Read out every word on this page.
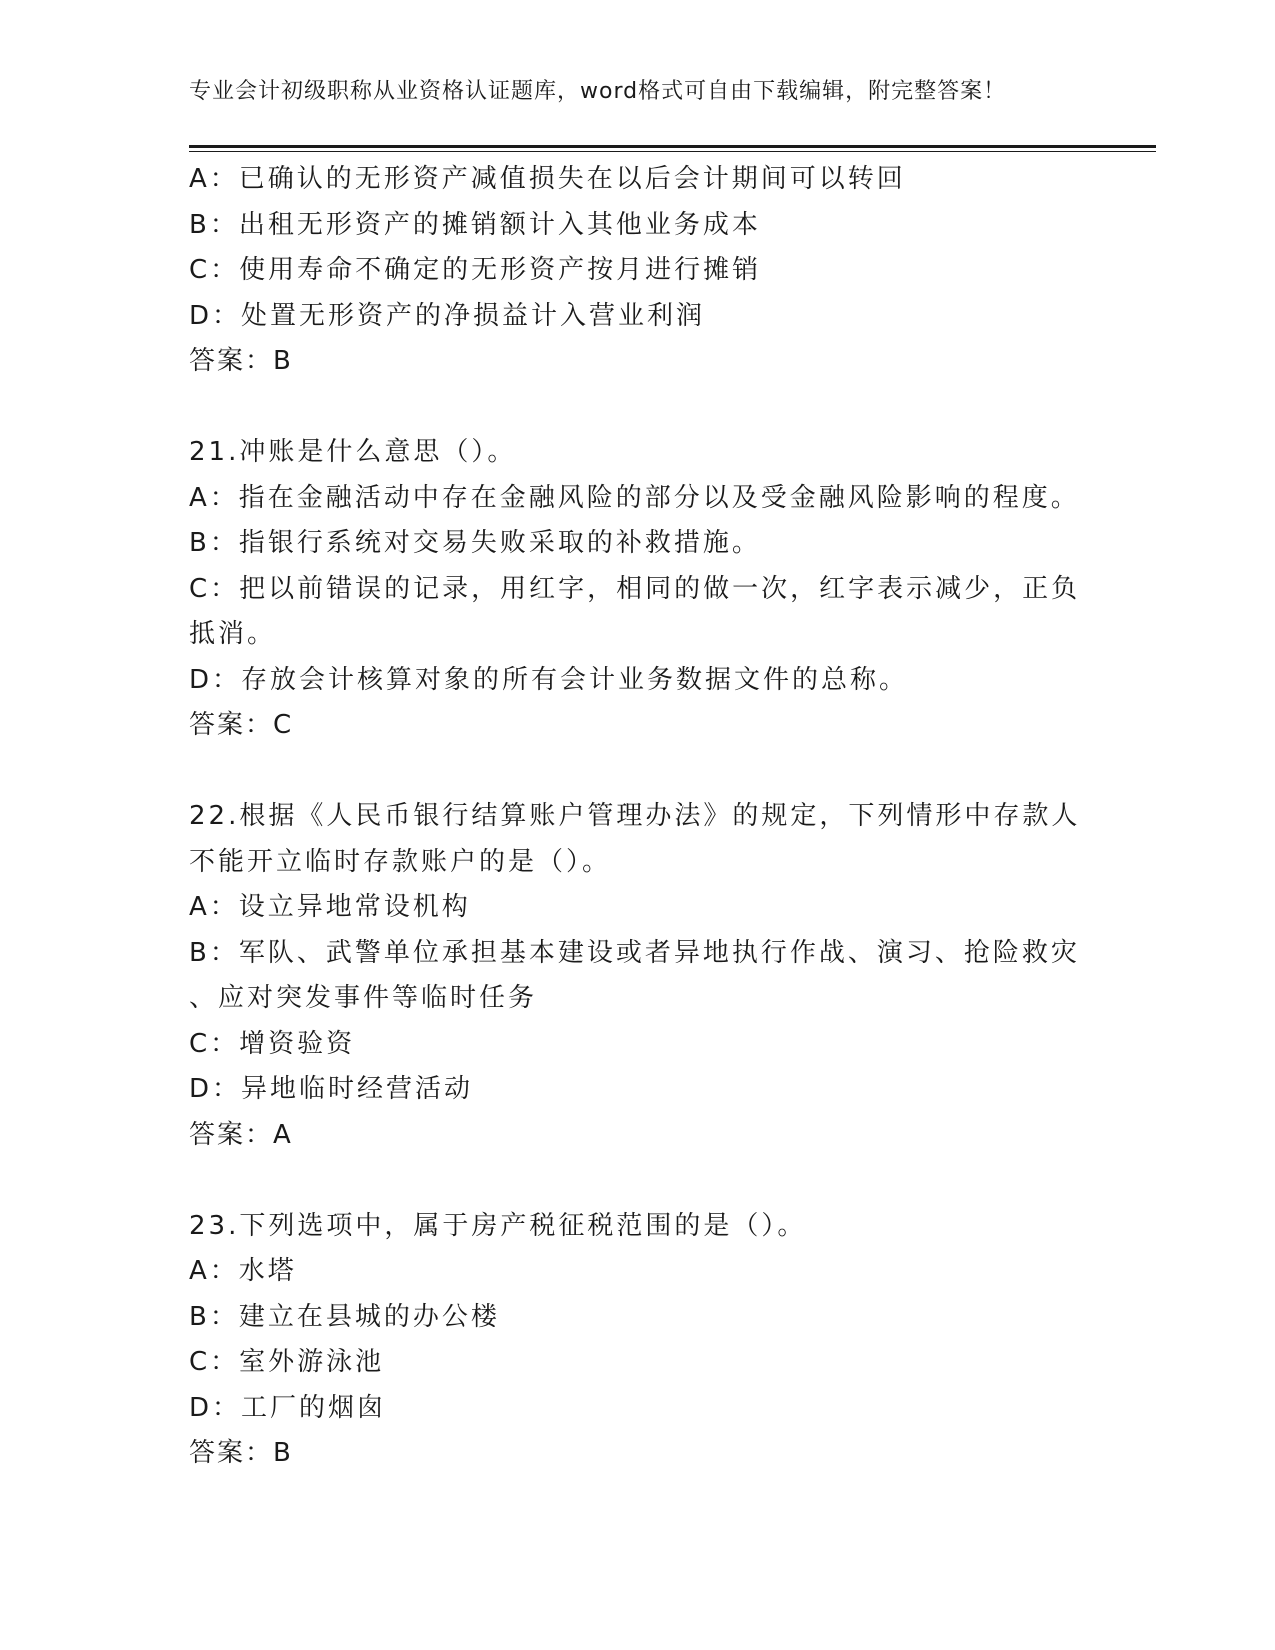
专业会计初级职称从业资格认证题库，word格式可自由下载编辑，附完整答案！
A：已确认的无形资产减值损失在以后会计期间可以转回
B：出租无形资产的摊销额计入其他业务成本
C：使用寿命不确定的无形资产按月进行摊销
D：处置无形资产的净损益计入营业利润
答案：B
21.冲账是什么意思（）。
A：指在金融活动中存在金融风险的部分以及受金融风险影响的程度。
B：指银行系统对交易失败采取的补救措施。
C：把以前错误的记录，用红字，相同的做一次，红字表示减少，正负
抵消。
D：存放会计核算对象的所有会计业务数据文件的总称。
答案：C
22.根据《人民币银行结算账户管理办法》的规定，下列情形中存款人
不能开立临时存款账户的是（）。
A：设立异地常设机构
B：军队、武警单位承担基本建设或者异地执行作战、演习、抢险救灾
、应对突发事件等临时任务
C：增资验资
D：异地临时经营活动
答案：A
23.下列选项中，属于房产税征税范围的是（）。
A：水塔
B：建立在县城的办公楼
C：室外游泳池
D：工厂的烟囱
答案：B
